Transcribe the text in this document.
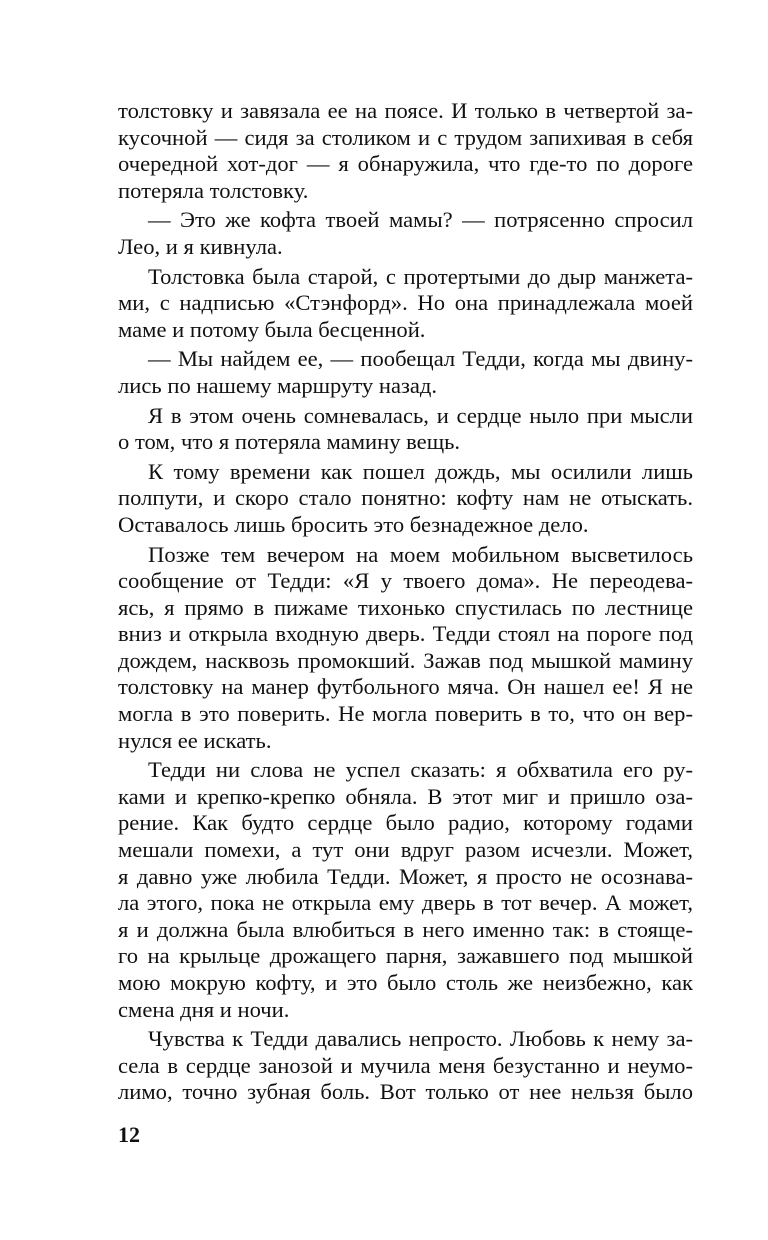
толстовку и завязала ее на поясе. И только в четвертой за-
кусочной — сидя за столиком и с трудом запихивая в себя
очередной хот-дог — я обнаружила, что где-то по дороге
потеряла толстовку.
— Это же кофта твоей мамы? — потрясенно спросил
Лео, и я кивнула.
Толстовка была старой, с протертыми до дыр манжета-
ми, с надписью «Стэнфорд». Но она принадлежала моей
маме и потому была бесценной.
— Мы найдем ее, — пообещал Тедди, когда мы двину-
лись по нашему маршруту назад.
Я в этом очень сомневалась, и сердце ныло при мысли
о том, что я потеряла мамину вещь.
К тому времени как пошел дождь, мы осилили лишь
полпути, и скоро стало понятно: кофту нам не отыскать.
Оставалось лишь бросить это безнадежное дело.
Позже тем вечером на моем мобильном высветилось
сообщение от Тедди: «Я у твоего дома». Не переодева-
ясь, я прямо в пижаме тихонько спустилась по лестнице
вниз и открыла входную дверь. Тедди стоял на пороге под
дождем, насквозь промокший. Зажав под мышкой мамину
толстовку на манер футбольного мяча. Он нашел ее! Я не
могла в это поверить. Не могла поверить в то, что он вер-
нулся ее искать.
Тедди ни слова не успел сказать: я обхватила его ру-
ками и крепко-крепко обняла. В этот миг и пришло оза-
рение. Как будто сердце было радио, которому годами
мешали помехи, а тут они вдруг разом исчезли. Может,
я давно уже любила Тедди. Может, я просто не осознава-
ла этого, пока не открыла ему дверь в тот вечер. А может,
я и должна была влюбиться в него именно так: в стояще-
го на крыльце дрожащего парня, зажавшего под мышкой
мою мокрую кофту, и это было столь же неизбежно, как
смена дня и ночи.
Чувства к Тедди давались непросто. Любовь к нему за-
села в сердце занозой и мучила меня безустанно и неумо-
лимо, точно зубная боль. Вот только от нее нельзя было
12
